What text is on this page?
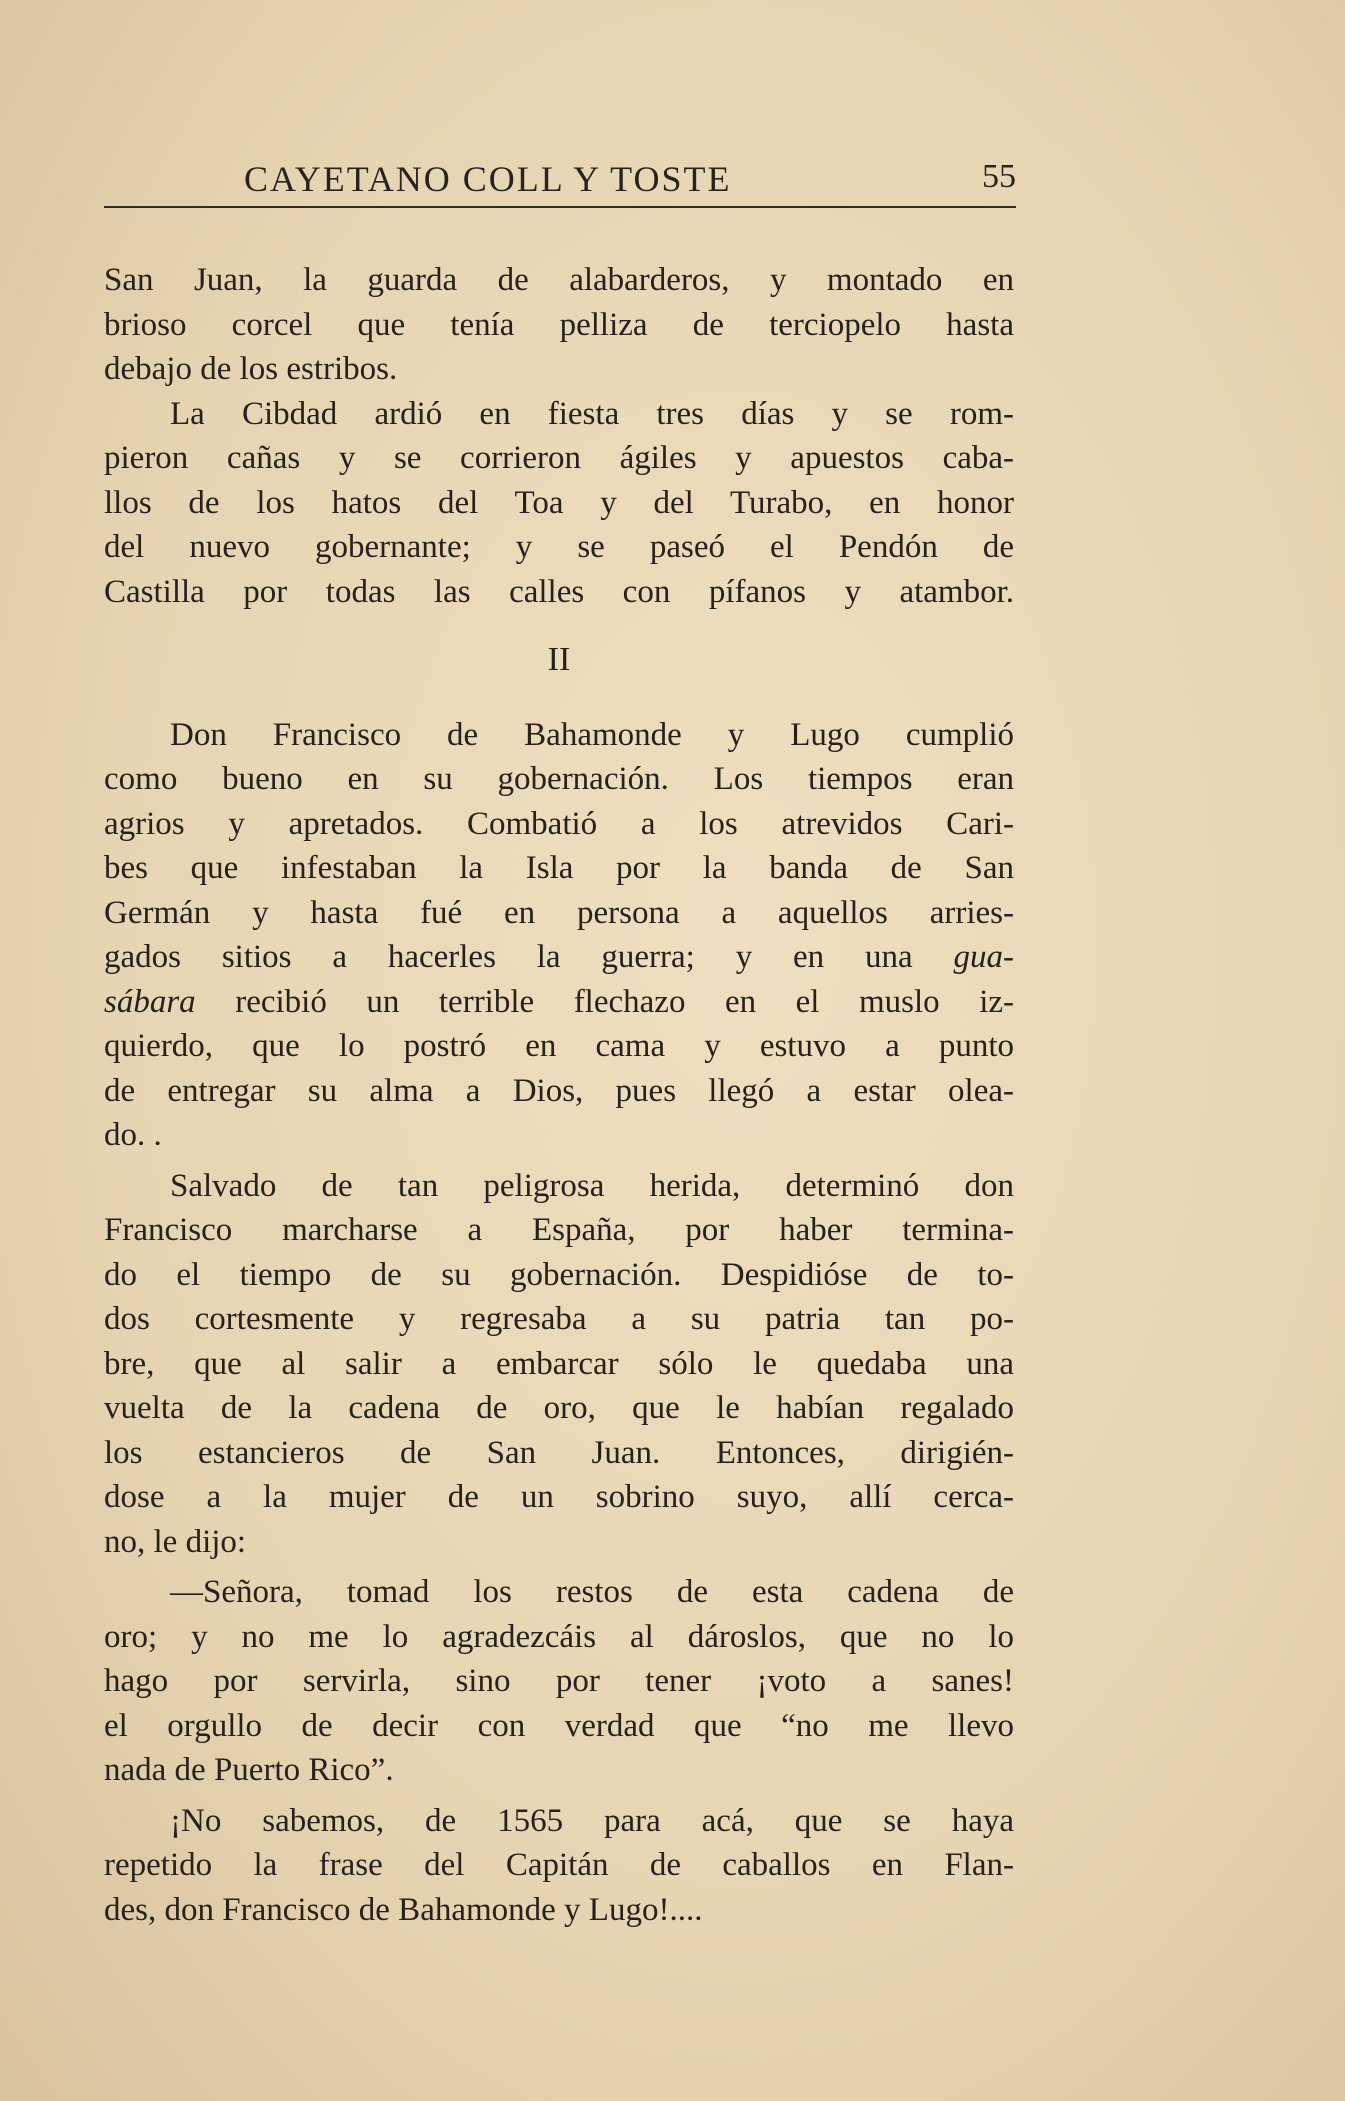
CAYETANO COLL Y TOSTE	55
San Juan, la guarda de alabarderos, y montado en
brioso corcel que tenía pelliza de terciopelo hasta
debajo de los estribos.
La Cibdad ardió en fiesta tres días y se rom-
pieron cañas y se corrieron ágiles y apuestos caba-
llos de los hatos del Toa y del Turabo, en honor
del nuevo gobernante; y se paseó el Pendón de
Castilla por todas las calles con pífanos y atambor.
II
Don Francisco de Bahamonde y Lugo cumplió
como bueno en su gobernación. Los tiempos eran
agrios y apretados. Combatió a los atrevidos Cari-
bes que infestaban la Isla por la banda de San
Germán y hasta fué en persona a aquellos arries-
gados sitios a hacerles la guerra; y en una gua-
sábara recibió un terrible flechazo en el muslo iz-
quierdo, que lo postró en cama y estuvo a punto
de entregar su alma a Dios, pues llegó a estar olea-
do. .
Salvado de tan peligrosa herida, determinó don
Francisco marcharse a España, por haber termina-
do el tiempo de su gobernación. Despidióse de to-
dos cortesmente y regresaba a su patria tan po-
bre, que al salir a embarcar sólo le quedaba una
vuelta de la cadena de oro, que le habían regalado
los estancieros de San Juan. Entonces, dirigién-
dose a la mujer de un sobrino suyo, allí cerca-
no, le dijo:
—Señora, tomad los restos de esta cadena de
oro; y no me lo agradezcáis al dároslos, que no lo
hago por servirla, sino por tener ¡voto a sanes!
el orgullo de decir con verdad que “no me llevo
nada de Puerto Rico”.
¡No sabemos, de 1565 para acá, que se haya
repetido la frase del Capitán de caballos en Flan-
des, don Francisco de Bahamonde y Lugo!....
